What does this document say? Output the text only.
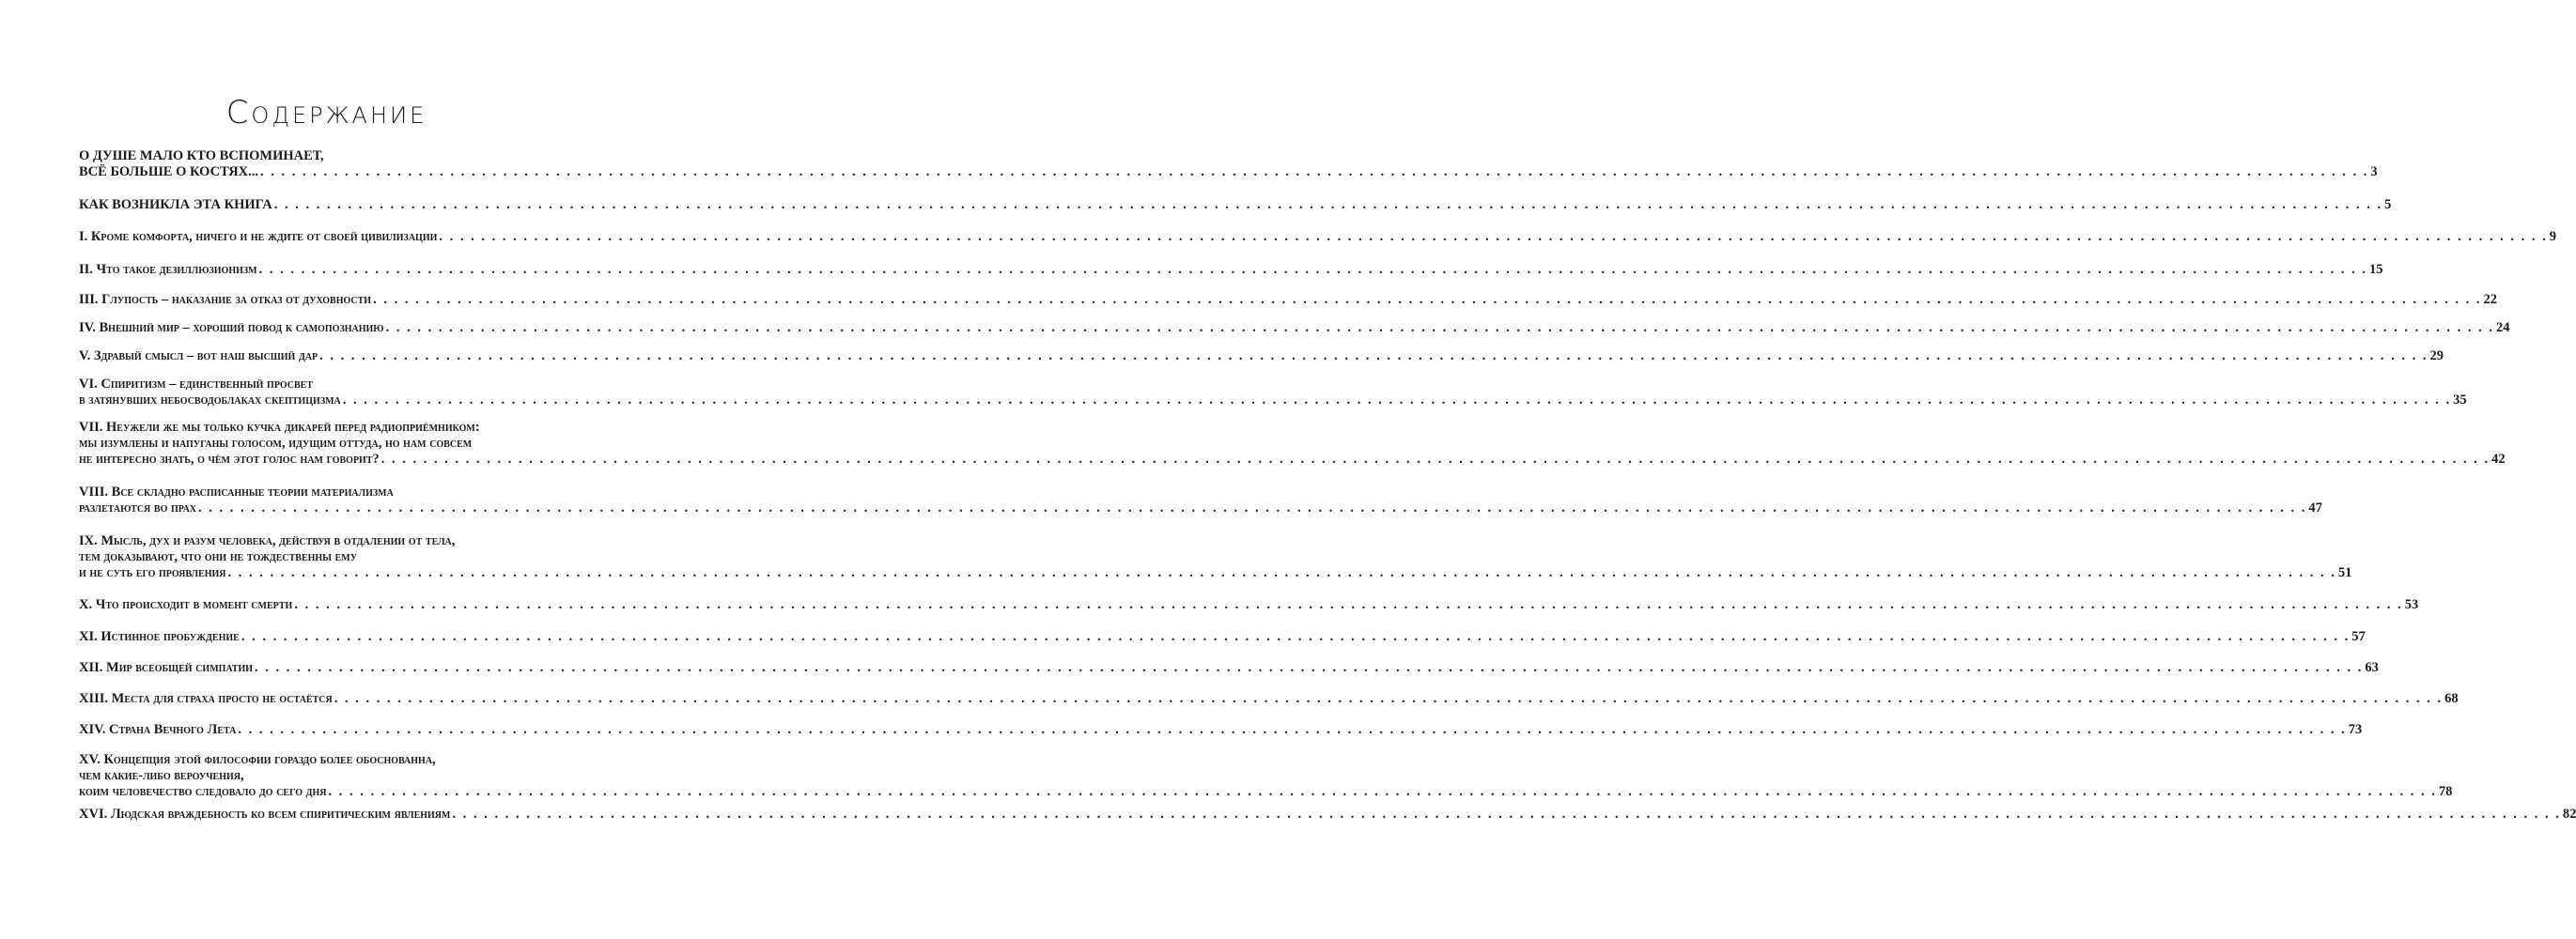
Содержание
О ДУШЕ МАЛО КТО ВСПОМИНАЕТ,
ВСЁ БОЛЬШЕ О КОСТЯХ... . . . . . . . . . . . . . . . . . . . . . . . . . . . . . . . . . . . . . . . . . . . . . . . . . . . . . . . . . . . . . . . . . . . . . . . . . . . . . . . . . . . . . . . . . . . . . . . . . . . . . . . . . . . . . . . . . . . . . . . . . . . . . . . . . . . . . . . . . . . . . . . . . . . . . . . . . . . . . . . . . . . . . . . . . . . . . . . . . . . . . . . . . . . . . . . . . . . . . . . . 3
КАК ВОЗНИКЛА ЭТА КНИГА . . . . . . . . . . . . . . . . . . . . . . . . . . . . . . . . . . . . . . . . . . . . . . . . . . . . . . . . . . . . . . . . . . . . . . . . . . . . . . . . . . . . . . . . . . . . . . . . . . . . . . . . . . . . . . . . . . . . . . . . . . . . . . . . . . . . . . . . . . . . . . . . . . . . . . . . . . . . . . . . . . . . . . . . . . . . . . . . . . . . . . . . . . . . . . . . . . . . . . . . 5
I. Кроме комфорта, ничего и не ждите от своей цивилизации . . . . . . . . . . . . . . . . . . . . . . . . . . . . . . . . . . . . . . . . . . . . . . . . . . . . . . . . . . . . . . . . . . . . . . . . . . . . . . . . . . . . . . . . . . . . . . . . . . . . . . . . . . . . . . . . . . . . . . . . . . . . . . . . . . . . . . . . . . . . . . . . . . . . . . . . . . . . . . . . . . . . . . . . . . . . . . . . . . . . . . . . . . . . . . . . . . . . . . . . 9
II. Что такое дезиллюзионизм . . . . . . . . . . . . . . . . . . . . . . . . . . . . . . . . . . . . . . . . . . . . . . . . . . . . . . . . . . . . . . . . . . . . . . . . . . . . . . . . . . . . . . . . . . . . . . . . . . . . . . . . . . . . . . . . . . . . . . . . . . . . . . . . . . . . . . . . . . . . . . . . . . . . . . . . . . . . . . . . . . . . . . . . . . . . . . . . . . . . . . . . . . . . . . . . . . . . . . . . 15
III. Глупость – наказание за отказ от духовности . . . . . . . . . . . . . . . . . . . . . . . . . . . . . . . . . . . . . . . . . . . . . . . . . . . . . . . . . . . . . . . . . . . . . . . . . . . . . . . . . . . . . . . . . . . . . . . . . . . . . . . . . . . . . . . . . . . . . . . . . . . . . . . . . . . . . . . . . . . . . . . . . . . . . . . . . . . . . . . . . . . . . . . . . . . . . . . . . . . . . . . . . . . . . . . . . . . . . . . . 22
IV. Внешний мир – хороший повод к самопознанию . . . . . . . . . . . . . . . . . . . . . . . . . . . . . . . . . . . . . . . . . . . . . . . . . . . . . . . . . . . . . . . . . . . . . . . . . . . . . . . . . . . . . . . . . . . . . . . . . . . . . . . . . . . . . . . . . . . . . . . . . . . . . . . . . . . . . . . . . . . . . . . . . . . . . . . . . . . . . . . . . . . . . . . . . . . . . . . . . . . . . . . . . . . . . . . . . . . . . . . . 24
V. Здравый смысл – вот наш высший дар . . . . . . . . . . . . . . . . . . . . . . . . . . . . . . . . . . . . . . . . . . . . . . . . . . . . . . . . . . . . . . . . . . . . . . . . . . . . . . . . . . . . . . . . . . . . . . . . . . . . . . . . . . . . . . . . . . . . . . . . . . . . . . . . . . . . . . . . . . . . . . . . . . . . . . . . . . . . . . . . . . . . . . . . . . . . . . . . . . . . . . . . . . . . . . . . . . . . . . . . 29
VI. Спиритизм – единственный просвет
в затянувших небосводоблаках скептицизма . . . . . . . . . . . . . . . . . . . . . . . . . . . . . . . . . . . . . . . . . . . . . . . . . . . . . . . . . . . . . . . . . . . . . . . . . . . . . . . . . . . . . . . . . . . . . . . . . . . . . . . . . . . . . . . . . . . . . . . . . . . . . . . . . . . . . . . . . . . . . . . . . . . . . . . . . . . . . . . . . . . . . . . . . . . . . . . . . . . . . . . . . . . . . . . . . . . . . . . . 35
VII. Неужели же мы только кучка дикарей перед радиоприёмником:
мы изумлены и напуганы голосом, идущим оттуда, но нам совсем
не интересно знать, о чём этот голос нам говорит? . . . . . . . . . . . . . . . . . . . . . . . . . . . . . . . . . . . . . . . . . . . . . . . . . . . . . . . . . . . . . . . . . . . . . . . . . . . . . . . . . . . . . . . . . . . . . . . . . . . . . . . . . . . . . . . . . . . . . . . . . . . . . . . . . . . . . . . . . . . . . . . . . . . . . . . . . . . . . . . . . . . . . . . . . . . . . . . . . . . . . . . . . . . . . . . . . . . . . . . . 42
VIII. Все складно расписанные теории материализма
разлетаются во прах . . . . . . . . . . . . . . . . . . . . . . . . . . . . . . . . . . . . . . . . . . . . . . . . . . . . . . . . . . . . . . . . . . . . . . . . . . . . . . . . . . . . . . . . . . . . . . . . . . . . . . . . . . . . . . . . . . . . . . . . . . . . . . . . . . . . . . . . . . . . . . . . . . . . . . . . . . . . . . . . . . . . . . . . . . . . . . . . . . . . . . . . . . . . . . . . . . . . . . . . 47
IX. Мысль, дух и разум человека, действуя в отдалении от тела,
тем доказывают, что они не тождественны ему
и не суть его проявления . . . . . . . . . . . . . . . . . . . . . . . . . . . . . . . . . . . . . . . . . . . . . . . . . . . . . . . . . . . . . . . . . . . . . . . . . . . . . . . . . . . . . . . . . . . . . . . . . . . . . . . . . . . . . . . . . . . . . . . . . . . . . . . . . . . . . . . . . . . . . . . . . . . . . . . . . . . . . . . . . . . . . . . . . . . . . . . . . . . . . . . . . . . . . . . . . . . . . . . . 51
X. Что происходит в момент смерти . . . . . . . . . . . . . . . . . . . . . . . . . . . . . . . . . . . . . . . . . . . . . . . . . . . . . . . . . . . . . . . . . . . . . . . . . . . . . . . . . . . . . . . . . . . . . . . . . . . . . . . . . . . . . . . . . . . . . . . . . . . . . . . . . . . . . . . . . . . . . . . . . . . . . . . . . . . . . . . . . . . . . . . . . . . . . . . . . . . . . . . . . . . . . . . . . . . . . . . . 53
XI. Истинное пробуждение . . . . . . . . . . . . . . . . . . . . . . . . . . . . . . . . . . . . . . . . . . . . . . . . . . . . . . . . . . . . . . . . . . . . . . . . . . . . . . . . . . . . . . . . . . . . . . . . . . . . . . . . . . . . . . . . . . . . . . . . . . . . . . . . . . . . . . . . . . . . . . . . . . . . . . . . . . . . . . . . . . . . . . . . . . . . . . . . . . . . . . . . . . . . . . . . . . . . . . . . 57
XII. Мир всеобщей симпатии . . . . . . . . . . . . . . . . . . . . . . . . . . . . . . . . . . . . . . . . . . . . . . . . . . . . . . . . . . . . . . . . . . . . . . . . . . . . . . . . . . . . . . . . . . . . . . . . . . . . . . . . . . . . . . . . . . . . . . . . . . . . . . . . . . . . . . . . . . . . . . . . . . . . . . . . . . . . . . . . . . . . . . . . . . . . . . . . . . . . . . . . . . . . . . . . . . . . . . . . 63
XIII. Места для страха просто не остаётся . . . . . . . . . . . . . . . . . . . . . . . . . . . . . . . . . . . . . . . . . . . . . . . . . . . . . . . . . . . . . . . . . . . . . . . . . . . . . . . . . . . . . . . . . . . . . . . . . . . . . . . . . . . . . . . . . . . . . . . . . . . . . . . . . . . . . . . . . . . . . . . . . . . . . . . . . . . . . . . . . . . . . . . . . . . . . . . . . . . . . . . . . . . . . . . . . . . . . . . . 68
XIV. Страна Вечного Лета . . . . . . . . . . . . . . . . . . . . . . . . . . . . . . . . . . . . . . . . . . . . . . . . . . . . . . . . . . . . . . . . . . . . . . . . . . . . . . . . . . . . . . . . . . . . . . . . . . . . . . . . . . . . . . . . . . . . . . . . . . . . . . . . . . . . . . . . . . . . . . . . . . . . . . . . . . . . . . . . . . . . . . . . . . . . . . . . . . . . . . . . . . . . . . . . . . . . . . . . 73
XV. Концепция этой философии гораздо более обоснованна,
чем какие-либо вероучения,
коим человечество следовало до сего дня . . . . . . . . . . . . . . . . . . . . . . . . . . . . . . . . . . . . . . . . . . . . . . . . . . . . . . . . . . . . . . . . . . . . . . . . . . . . . . . . . . . . . . . . . . . . . . . . . . . . . . . . . . . . . . . . . . . . . . . . . . . . . . . . . . . . . . . . . . . . . . . . . . . . . . . . . . . . . . . . . . . . . . . . . . . . . . . . . . . . . . . . . . . . . . . . . . . . . . . . 78
XVI. Людская враждебность ко всем спиритическим явлениям . . . . . . . . . . . . . . . . . . . . . . . . . . . . . . . . . . . . . . . . . . . . . . . . . . . . . . . . . . . . . . . . . . . . . . . . . . . . . . . . . . . . . . . . . . . . . . . . . . . . . . . . . . . . . . . . . . . . . . . . . . . . . . . . . . . . . . . . . . . . . . . . . . . . . . . . . . . . . . . . . . . . . . . . . . . . . . . . . . . . . . . . . . . . . . . . . . . . . . . . 82
